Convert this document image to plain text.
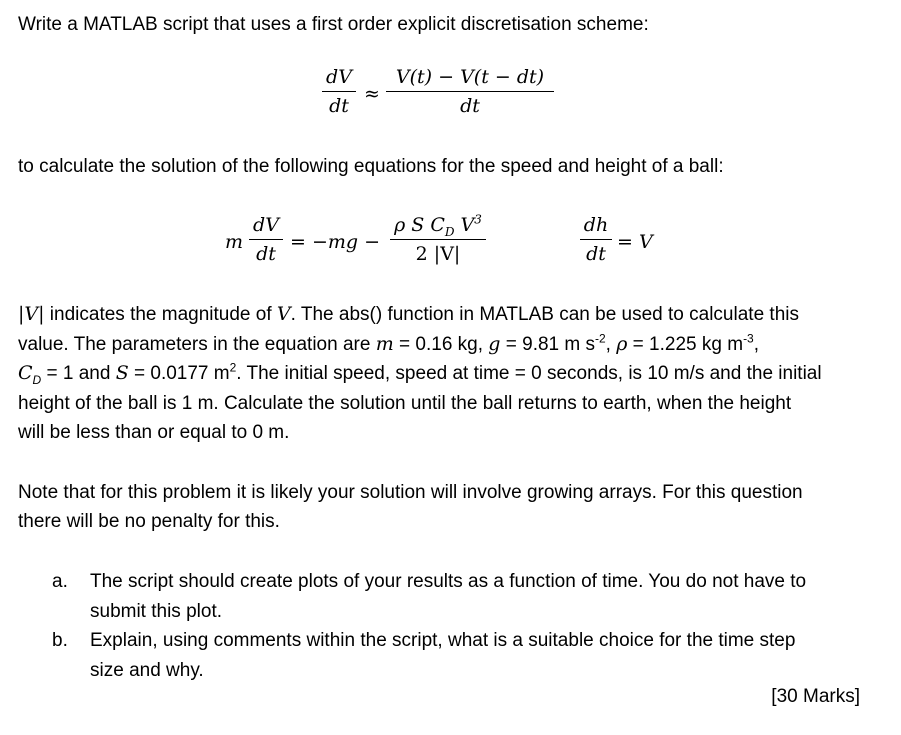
Write a MATLAB script that uses a first order explicit discretisation scheme:
dV
dt
≈
V(t) − V(t − dt)
dt
to calculate the solution of the following equations for the speed and height of a ball:
m
dV
dt
= −mg −
ρ S $C_D$ $V^3$
2 |V|
dh
dt
= V
|V| indicates the magnitude of V. The abs() function in MATLAB can be used to calculate this
value. The parameters in the equation are m = 0.16 kg, g = 9.81 m $s^{-2}$, ρ = 1.225 kg $m^{-3}$,
$C_D = 1$ and S = 0.0177 $m^2$. The initial speed, speed at time = 0 seconds, is 10 m/s and the initial
height of the ball is 1 m. Calculate the solution until the ball returns to earth, when the height
will be less than or equal to 0 m.
Note that for this problem it is likely your solution will involve growing arrays. For this question
there will be no penalty for this.
a. The script should create plots of your results as a function of time. You do not have to
submit this plot.
b. Explain, using comments within the script, what is a suitable choice for the time step
size and why.
[30 Marks]
